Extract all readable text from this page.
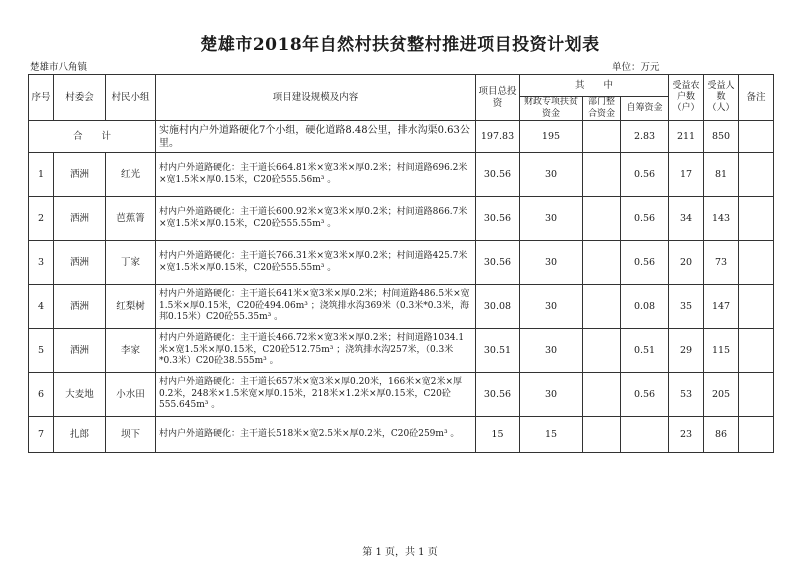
楚雄市2018年自然村扶贫整村推进项目投资计划表
楚雄市八角镇	单位：万元
序号	村委会	村民小组	项目建设规模及内容	项目总投资	其　　中			受益农户数（户）	受益人数（人）	备注
					财政专项扶贫资金	部门整合资金	自筹资金			
合　　计			实施村内户外道路硬化7个小组，硬化道路8.48公里，排水沟渠0.63公里。	197.83	195		2.83	211	850	
1	洒洲	红光	村内户外道路硬化：主干道长664.81米×宽3米×厚0.2米；村间道路696.2米×宽1.5米×厚0.15米，C20砼555.56m³ 。	30.56	30		0.56	17	81	
2	洒洲	芭蕉箐	村内户外道路硬化：主干道长600.92米×宽3米×厚0.2米；村间道路866.7米×宽1.5米×厚0.15米，C20砼555.55m³ 。	30.56	30		0.56	34	143	
3	洒洲	丁家	村内户外道路硬化：主干道长766.31米×宽3米×厚0.2米；村间道路425.7米×宽1.5米×厚0.15米，C20砼555.55m³ 。	30.56	30		0.56	20	73	
4	洒洲	红梨树	村内户外道路硬化：主干道长641米×宽3米×厚0.2米；村间道路486.5米×宽1.5米×厚0.15米，C20砼494.06m³ ；浇筑排水沟369米（0.3米*0.3米，海邦0.15米）C20砼55.35m³ 。	30.08	30		0.08	35	147	
5	洒洲	李家	村内户外道路硬化：主干道长466.72米×宽3米×厚0.2米；村间道路1034.1米×宽1.5米×厚0.15米，C20砼512.75m³ ；浇筑排水沟257米，（0.3米*0.3米）C20砼38.555m³ 。	30.51	30		0.51	29	115	
6	大麦地	小水田	村内户外道路硬化：主干道长657米×宽3米×厚0.20米，166米×宽2米×厚0.2米，248米×1.5米宽×厚0.15米，218米×1.2米×厚0.15米，C20砼555.645m³ 。	30.56	30		0.56	53	205	
7	扎郎	坝下	村内户外道路硬化：主干道长518米×宽2.5米×厚0.2米，C20砼259m³ 。	15	15			23	86	
第 1 页，共 1 页
